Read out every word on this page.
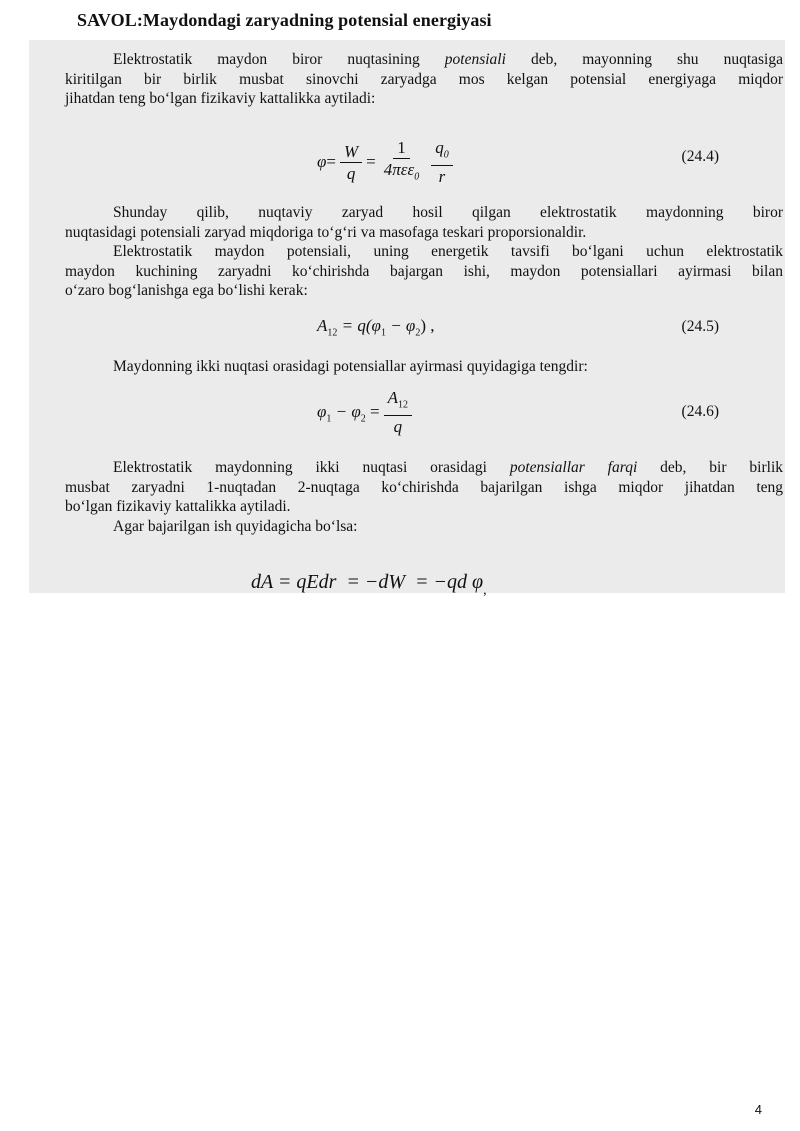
SAVOL:Maydondagi zaryadning potensial energiyasi
Elektrostatik maydon biror nuqtasining potensiali deb, mayonning shu nuqtasiga
kiritilgan bir birlik musbat sinovchi zaryadga mos kelgan potensial energiyaga miqdor
jihatdan teng bo‘lgan fizikaviy kattalikka aytiladi:
$\varphi= \frac{W}{q} = \frac{1}{4\pi\varepsilon\varepsilon_0} \frac{q_0}{r}$	(24.4)
Shunday qilib, nuqtaviy zaryad hosil qilgan elektrostatik maydonning biror
nuqtasidagi potensiali zaryad miqdoriga to‘g‘ri va masofaga teskari proporsionaldir.
Elektrostatik maydon potensiali, uning energetik tavsifi bo‘lgani uchun elektrostatik
maydon kuchining zaryadni ko‘chirishda bajargan ishi, maydon potensiallari ayirmasi bilan
o‘zaro bog‘lanishga ega bo‘lishi kerak:
$A_{12} = q(\varphi_1 - \varphi_2)$ ,	(24.5)
Maydonning ikki nuqtasi orasidagi potensiallar ayirmasi quyidagiga tengdir:
$\varphi_1 - \varphi_2 = \frac{A_{12}}{q}$	(24.6)
Elektrostatik maydonning ikki nuqtasi orasidagi potensiallar farqi deb, bir birlik
musbat zaryadni 1-nuqtadan 2-nuqtaga ko‘chirishda bajarilgan ishga miqdor jihatdan teng
bo‘lgan fizikaviy kattalikka aytiladi.
Agar bajarilgan ish quyidagicha bo‘lsa:

dA = qEdr  = −dW  = −qd $\varphi_,$

4
